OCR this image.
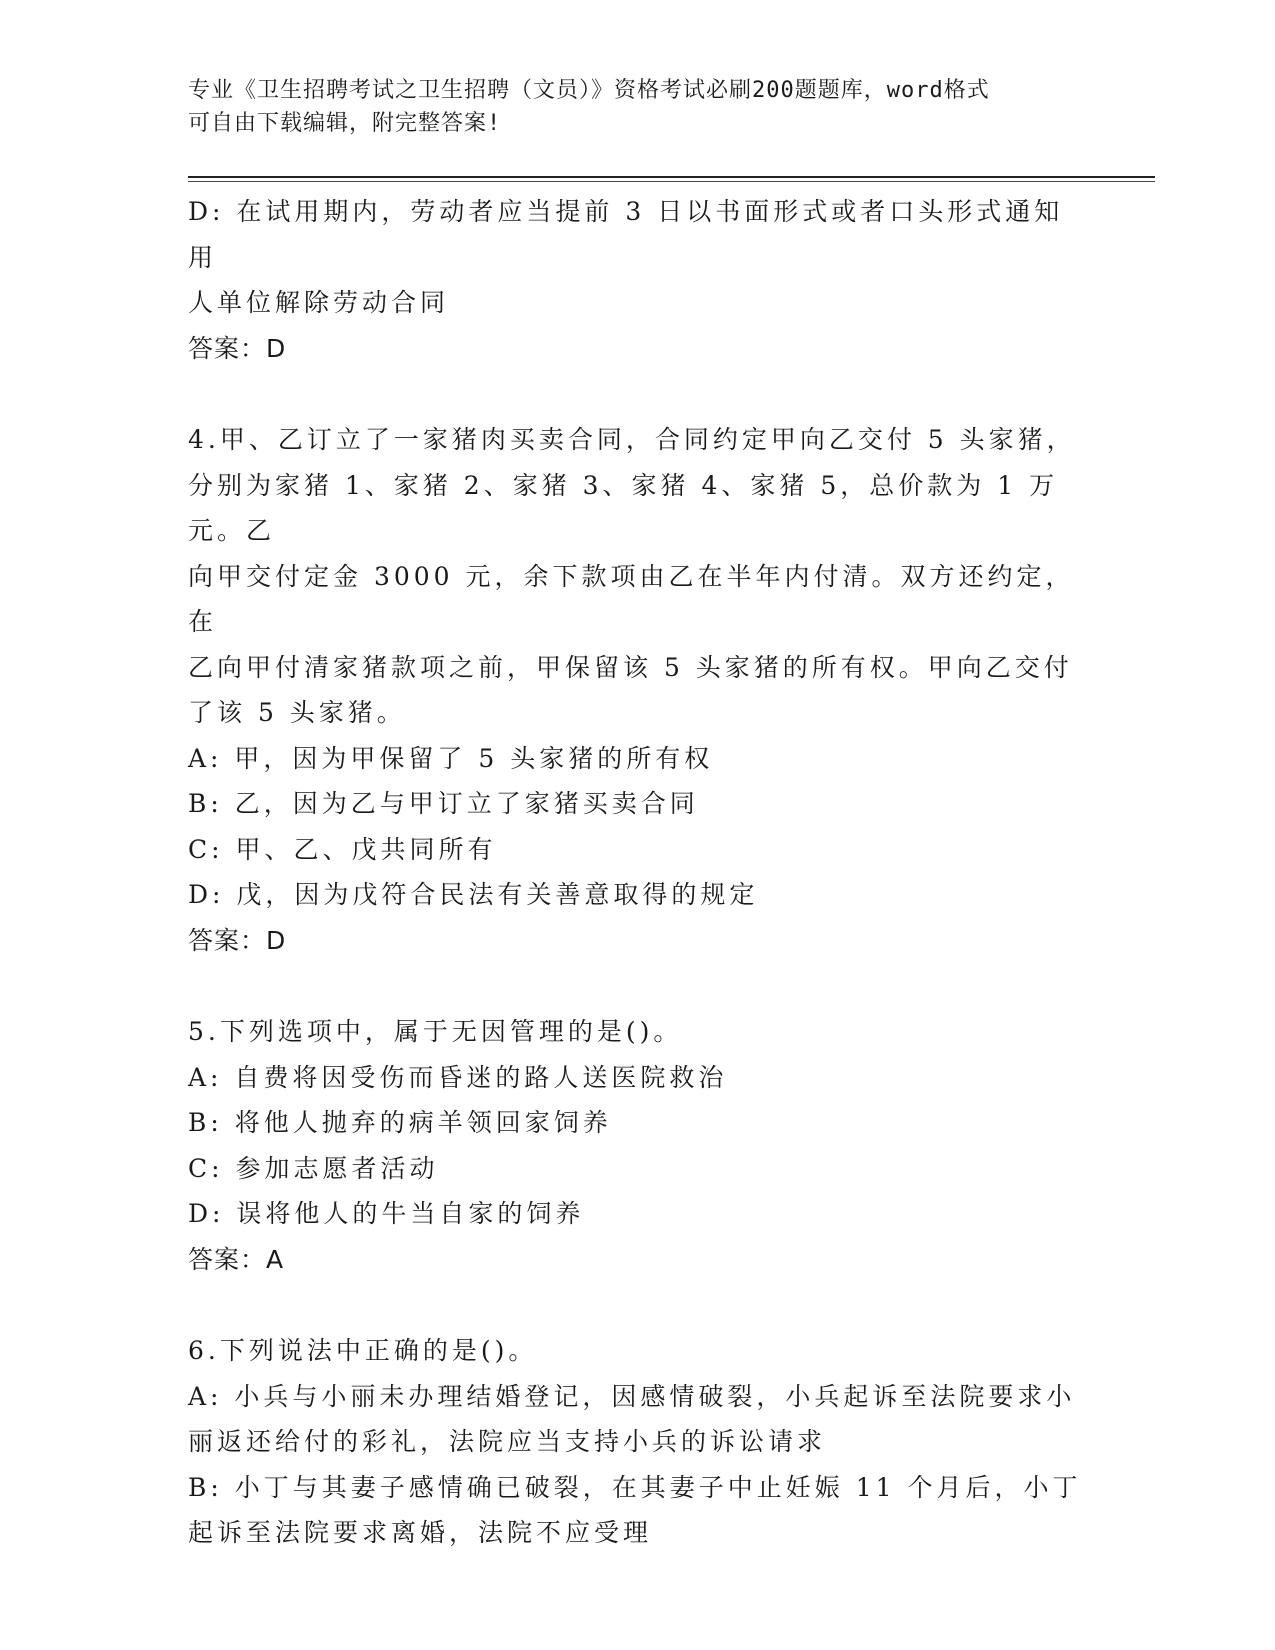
专业《卫生招聘考试之卫生招聘（文员）》资格考试必刷200题题库，word格式
可自由下载编辑，附完整答案!

D: 在试用期内，劳动者应当提前 3 日以书面形式或者口头形式通知用

人单位解除劳动合同

答案：D

4.甲、乙订立了一家猪肉买卖合同，合同约定甲向乙交付 5 头家猪，

分别为家猪 1、家猪 2、家猪 3、家猪 4、家猪 5，总价款为 1 万元。乙

向甲交付定金 3000 元，余下款项由乙在半年内付清。双方还约定，在

乙向甲付清家猪款项之前，甲保留该 5 头家猪的所有权。甲向乙交付

了该 5 头家猪。

A: 甲，因为甲保留了 5 头家猪的所有权

B: 乙，因为乙与甲订立了家猪买卖合同

C: 甲、乙、戊共同所有

D: 戊，因为戊符合民法有关善意取得的规定

答案：D

5.下列选项中，属于无因管理的是()。

A: 自费将因受伤而昏迷的路人送医院救治

B: 将他人抛弃的病羊领回家饲养

C: 参加志愿者活动

D: 误将他人的牛当自家的饲养

答案：A

6.下列说法中正确的是()。

A: 小兵与小丽未办理结婚登记，因感情破裂，小兵起诉至法院要求小

丽返还给付的彩礼，法院应当支持小兵的诉讼请求

B: 小丁与其妻子感情确已破裂，在其妻子中止妊娠 11 个月后，小丁

起诉至法院要求离婚，法院不应受理
